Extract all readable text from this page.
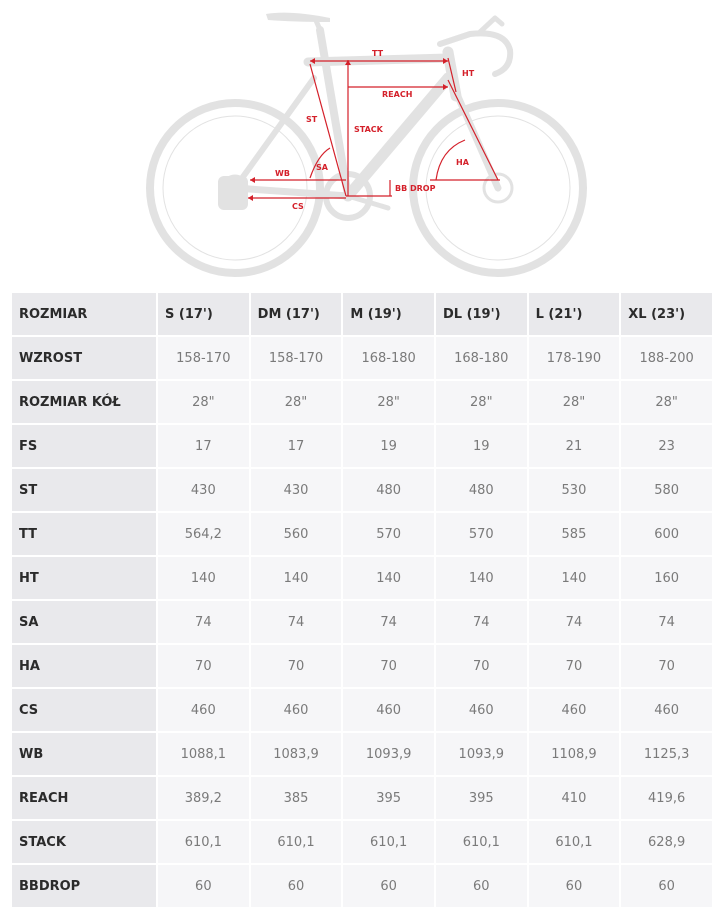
TT
HT
REACH
ST
STACK
SA
HA
WB
BB DROP
CS
ROZMIAR	S (17')	DM (17')	M (19')	DL (19')	L (21')	XL (23')
WZROST	158-170	158-170	168-180	168-180	178-190	188-200
ROZMIAR KÓŁ	28"	28"	28"	28"	28"	28"
FS	17	17	19	19	21	23
ST	430	430	480	480	530	580
TT	564,2	560	570	570	585	600
HT	140	140	140	140	140	160
SA	74	74	74	74	74	74
HA	70	70	70	70	70	70
CS	460	460	460	460	460	460
WB	1088,1	1083,9	1093,9	1093,9	1108,9	1125,3
REACH	389,2	385	395	395	410	419,6
STACK	610,1	610,1	610,1	610,1	610,1	628,9
BBDROP	60	60	60	60	60	60
